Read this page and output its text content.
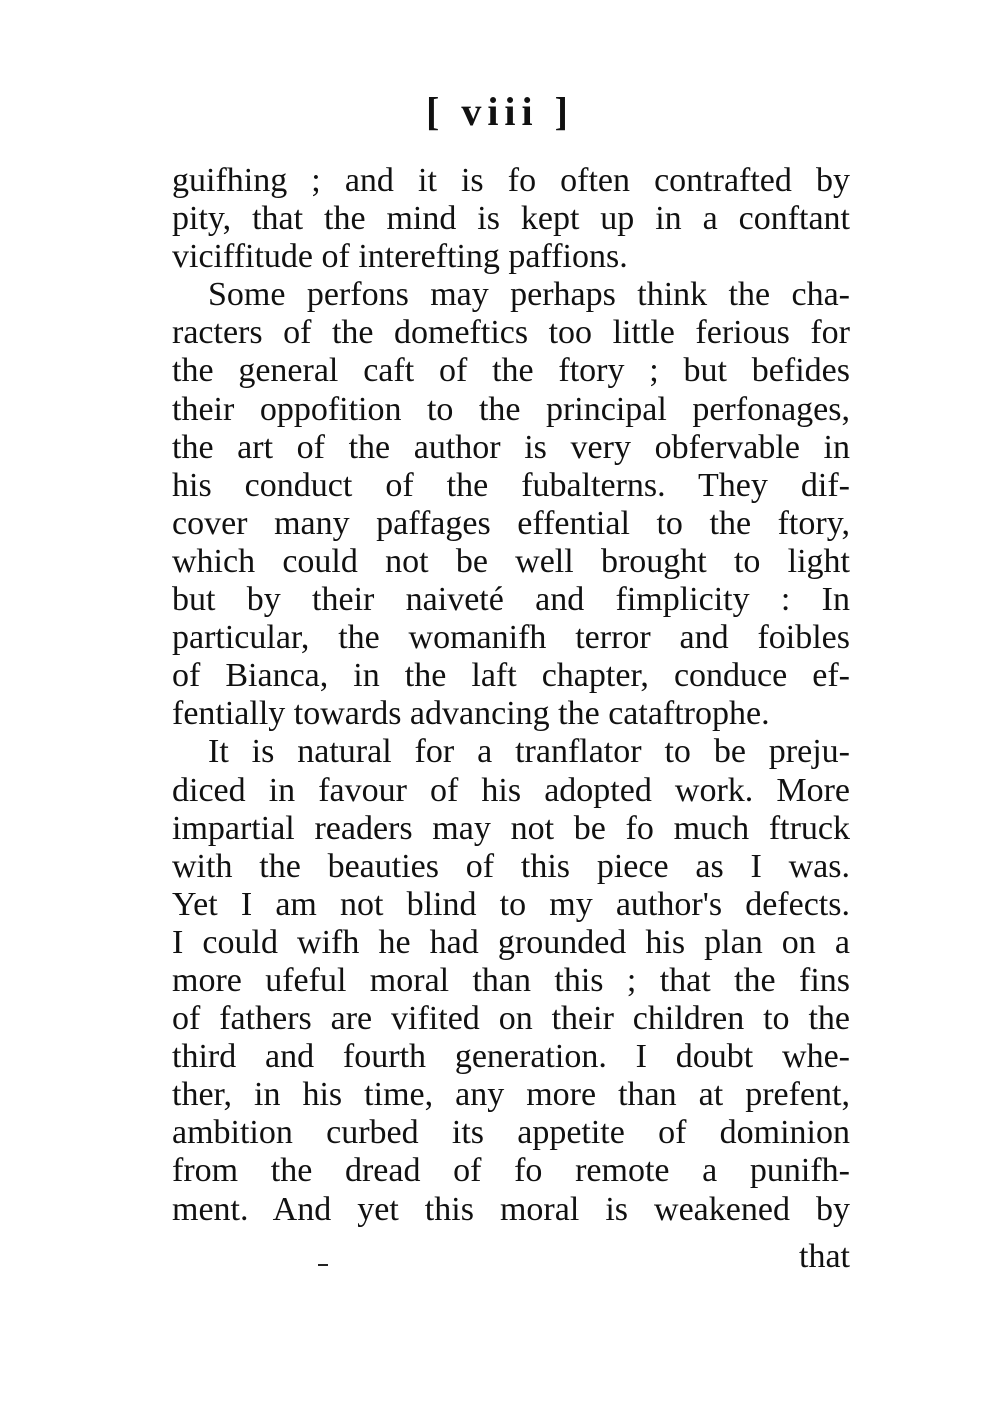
[ viii ]
guifhing ; and it is fo often contrafted by
pity, that the mind is kept up in a conftant
viciffitude of interefting paffions.
Some perfons may perhaps think the cha-
racters of the domeftics too little ferious for
the general caft of the ftory ; but befides
their oppofition to the principal perfonages,
the art of the author is very obfervable in
his conduct of the fubalterns. They dif-
cover many paffages effential to the ftory,
which could not be well brought to light
but by their naiveté and fimplicity : In
particular, the womanifh terror and foibles
of Bianca, in the laft chapter, conduce ef-
fentially towards advancing the cataftrophe.
It is natural for a tranflator to be preju-
diced in favour of his adopted work. More
impartial readers may not be fo much ftruck
with the beauties of this piece as I was.
Yet I am not blind to my author's defects.
I could wifh he had grounded his plan on a
more ufeful moral than this ; that the fins
of fathers are vifited on their children to the
third and fourth generation. I doubt whe-
ther, in his time, any more than at prefent,
ambition curbed its appetite of dominion
from the dread of fo remote a punifh-
ment. And yet this moral is weakened by
that
